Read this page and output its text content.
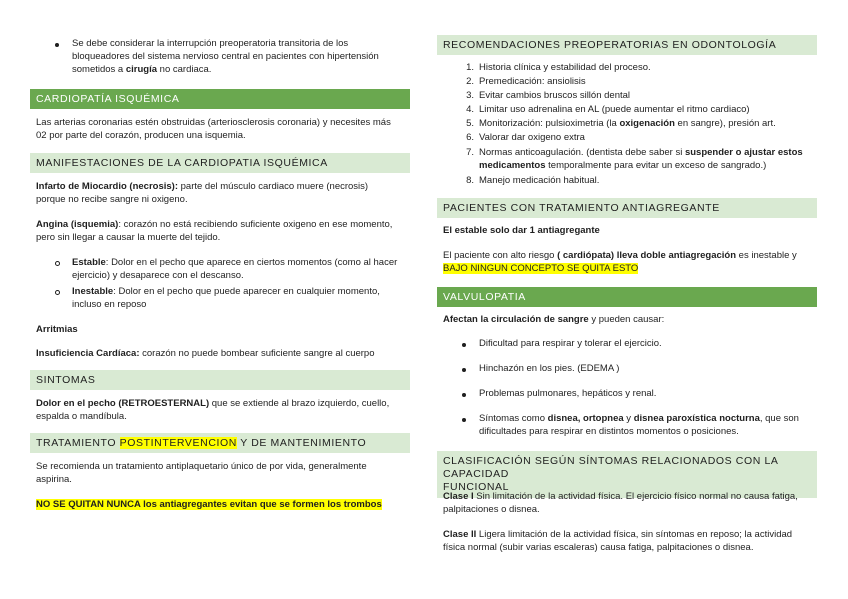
Se debe considerar la interrupción preoperatoria transitoria de los
bloqueadores del sistema nervioso central en pacientes con hipertensión
sometidos a cirugía no cardiaca.
CARDIOPATÍA ISQUÉMICA
Las arterias coronarias estén obstruidas (arteriosclerosis coronaria) y necesites más
02 por parte del corazón, producen una isquemia.
MANIFESTACIONES DE LA CARDIOPATIA ISQUÉMICA
Infarto de Miocardio (necrosis): parte del músculo cardiaco muere (necrosis)
porque no recibe sangre ni oxigeno.
Angina (isquemia): corazón no está recibiendo suficiente oxigeno en ese momento,
pero sin llegar a causar la muerte del tejido.
Estable: Dolor en el pecho que aparece en ciertos momentos (como al hacer
ejercicio) y desaparece con el descanso.
Inestable: Dolor en el pecho que puede aparecer en cualquier momento,
incluso en reposo
Arritmias
Insuficiencia Cardíaca: corazón no puede bombear suficiente sangre al cuerpo
SINTOMAS
Dolor en el pecho (RETROESTERNAL) que se extiende al brazo izquierdo, cuello,
espalda o mandíbula.
TRATAMIENTO POSTINTERVENCION Y DE MANTENIMIENTO
Se recomienda un tratamiento antiplaquetario único de por vida, generalmente
aspirina.
NO SE QUITAN NUNCA los antiagregantes evitan que se formen los trombos
RECOMENDACIONES PREOPERATORIAS EN ODONTOLOGÍA
1. Historia clínica y estabilidad del proceso.
2. Premedicación: ansiolisis
3. Evitar cambios bruscos sillón dental
4. Limitar uso adrenalina en AL (puede aumentar el ritmo cardiaco)
5. Monitorización: pulsioximetria (la oxigenación en sangre), presión art.
6. Valorar dar oxigeno extra
7. Normas anticoagulación. (dentista debe saber si suspender o ajustar estos
medicamentos temporalmente para evitar un exceso de sangrado.)
8. Manejo medicación habitual.
PACIENTES CON TRATAMIENTO ANTIAGREGANTE
El estable solo dar 1 antiagregante
El paciente con alto riesgo ( cardiópata) lleva doble antiagregación es inestable y
BAJO NINGUN CONCEPTO SE QUITA ESTO
VALVULOPATIA
Afectan la circulación de sangre y pueden causar:
Dificultad para respirar y tolerar el ejercicio.
Hinchazón en los pies. (EDEMA )
Problemas pulmonares, hepáticos y renal.
Síntomas como disnea, ortopnea y disnea paroxística nocturna, que son
dificultades para respirar en distintos momentos o posiciones.
CLASIFICACIÓN SEGÚN SÍNTOMAS RELACIONADOS CON LA CAPACIDAD
FUNCIONAL
Clase I Sin limitación de la actividad física. El ejercicio físico normal no causa fatiga,
palpitaciones o disnea.
Clase II Ligera limitación de la actividad física, sin síntomas en reposo; la actividad
física normal (subir varias escaleras) causa fatiga, palpitaciones o disnea.
